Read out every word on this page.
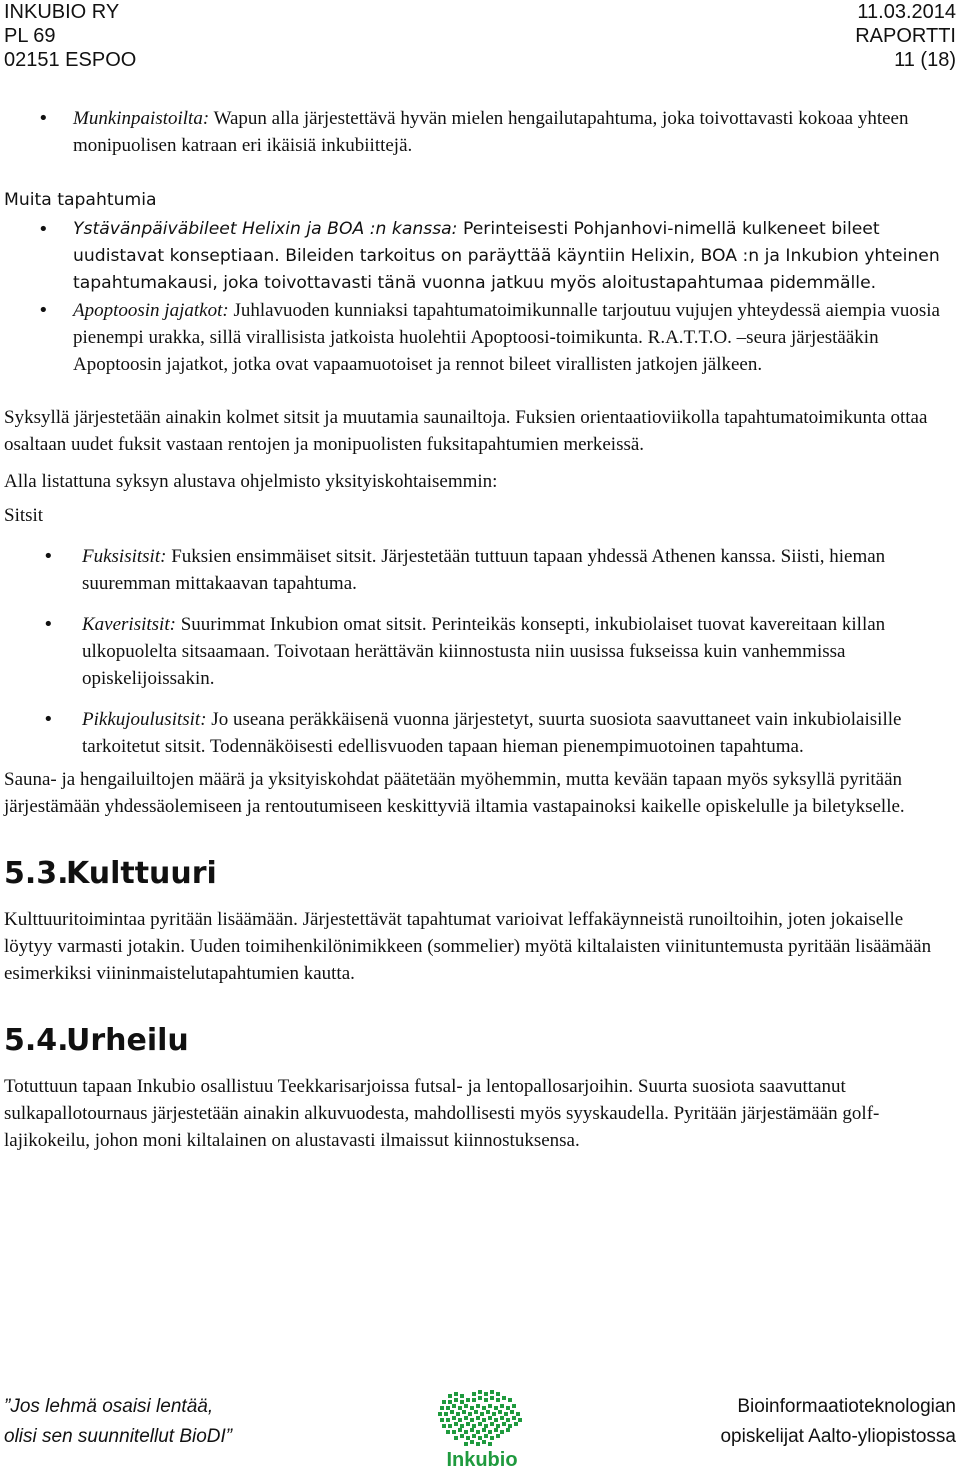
INKUBIO RY
PL 69
02151 ESPOO
11.03.2014
RAPORTTI
11 (18)
• Munkinpaistoilta: Wapun alla järjestettävä hyvän mielen hengailutapahtuma, joka toivottavasti kokoaa yhteen monipuolisen katraan eri ikäisiä inkubiittejä.

Muita tapahtumia

• Ystävänpäiväbileet Helixin ja BOA :n kanssa: Perinteisesti Pohjanhovi-nimellä kulkeneet bileet uudistavat konseptiaan. Bileiden tarkoitus on paräyttää käyntiin Helixin, BOA :n ja Inkubion yhteinen tapahtumakausi, joka toivottavasti tänä vuonna jatkuu myös aloitustapahtumaa pidemmälle.
• Apoptoosin jajatkot: Juhlavuoden kunniaksi tapahtumatoimikunnalle tarjoutuu vujujen yhteydessä aiempia vuosia pienempi urakka, sillä virallisista jatkoista huolehtii Apoptoosi-toimikunta. R.A.T.T.O. –seura järjestääkin Apoptoosin jajatkot, jotka ovat vapaamuotoiset ja rennot bileet virallisten jatkojen jälkeen.

Syksyllä järjestetään ainakin kolmet sitsit ja muutamia saunailtoja. Fuksien orientaatioviikolla tapahtumatoimikunta ottaa osaltaan uudet fuksit vastaan rentojen ja monipuolisten fuksitapahtumien merkeissä.

Alla listattuna syksyn alustava ohjelmisto yksityiskohtaisemmin:

Sitsit

• Fuksisitsit: Fuksien ensimmäiset sitsit. Järjestetään tuttuun tapaan yhdessä Athenen kanssa. Siisti, hieman suuremman mittakaavan tapahtuma.
• Kaverisitsit: Suurimmat Inkubion omat sitsit. Perinteikäs konsepti, inkubiolaiset tuovat kavereitaan killan ulkopuolelta sitsaamaan. Toivotaan herättävän kiinnostusta niin uusissa fukseissa kuin vanhemmissa opiskelijoissakin.
• Pikkujoulusitsit: Jo useana peräkkäisenä vuonna järjestetyt, suurta suosiota saavuttaneet vain inkubiolaisille tarkoitetut sitsit. Todennäköisesti edellisvuoden tapaan hieman pienempimuotoinen tapahtuma.

Sauna- ja hengailuiltojen määrä ja yksityiskohdat päätetään myöhemmin, mutta kevään tapaan myös syksyllä pyritään järjestämään yhdessäolemiseen ja rentoutumiseen keskittyviä iltamia vastapainoksi kaikelle opiskelulle ja biletykselle.

5.3.Kulttuuri

Kulttuuritoimintaa pyritään lisäämään. Järjestettävät tapahtumat varioivat leffakäynneistä runoiltoihin, joten jokaiselle löytyy varmasti jotakin. Uuden toimihenkilönimikkeen (sommelier) myötä kiltalaisten viinituntemusta pyritään lisäämään esimerkiksi viininmaistelutapahtumien kautta.

5.4.Urheilu

Totuttuun tapaan Inkubio osallistuu Teekkarisarjoissa futsal- ja lentopallosarjoihin. Suurta suosiota saavuttanut sulkapallotournaus järjestetään ainakin alkuvuodesta, mahdollisesti myös syyskaudella. Pyritään järjestämään golf-lajikokeilu, johon moni kiltalainen on alustavasti ilmaissut kiinnostuksensa.

”Jos lehmä osaisi lentää,
olisi sen suunnitellut BioDI”
Inkubio
Bioinformaatioteknologian
opiskelijat Aalto-yliopistossa
